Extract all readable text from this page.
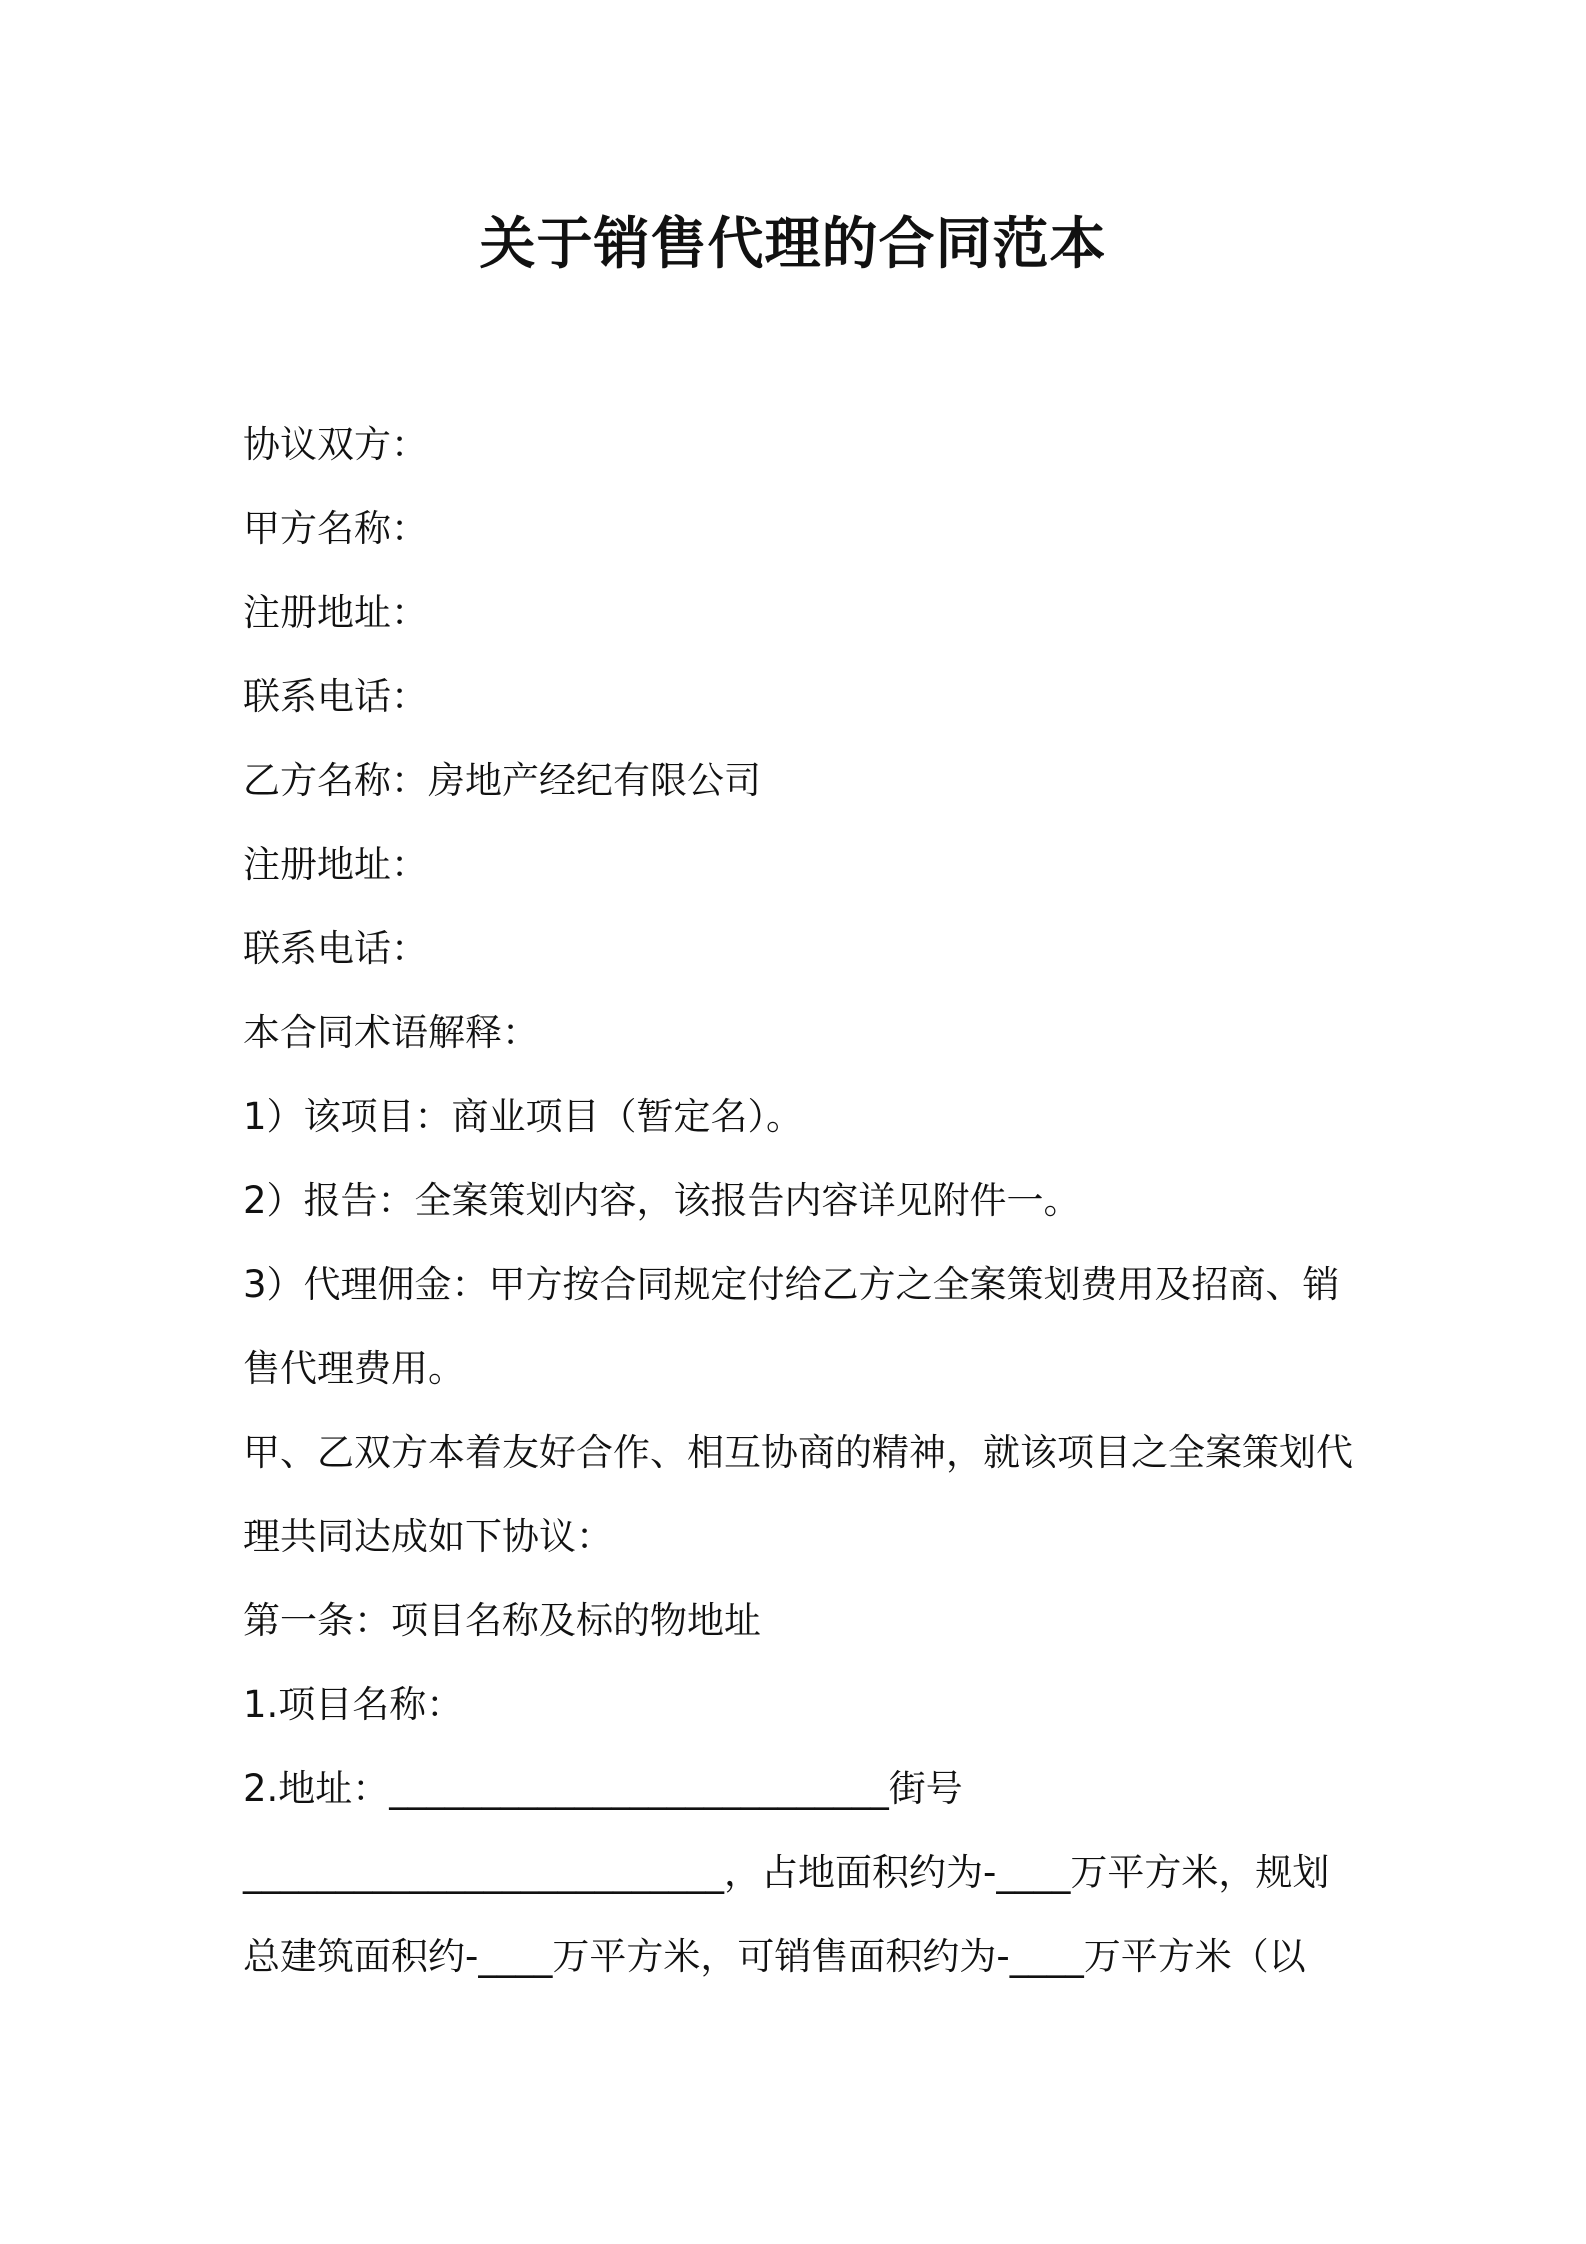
关于销售代理的合同范本
协议双方：
甲方名称：
注册地址：
联系电话：
乙方名称：房地产经纪有限公司
注册地址：
联系电话：
本合同术语解释：
1）该项目：商业项目（暂定名）。
2）报告：全案策划内容，该报告内容详见附件一。
3）代理佣金：甲方按合同规定付给乙方之全案策划费用及招商、销
售代理费用。
甲、乙双方本着友好合作、相互协商的精神，就该项目之全案策划代
理共同达成如下协议：
第一条：项目名称及标的物地址
1.项目名称：
2.地址：___________________________街号
__________________________，占地面积约为-____万平方米，规划
总建筑面积约-____万平方米，可销售面积约为-____万平方米（以
